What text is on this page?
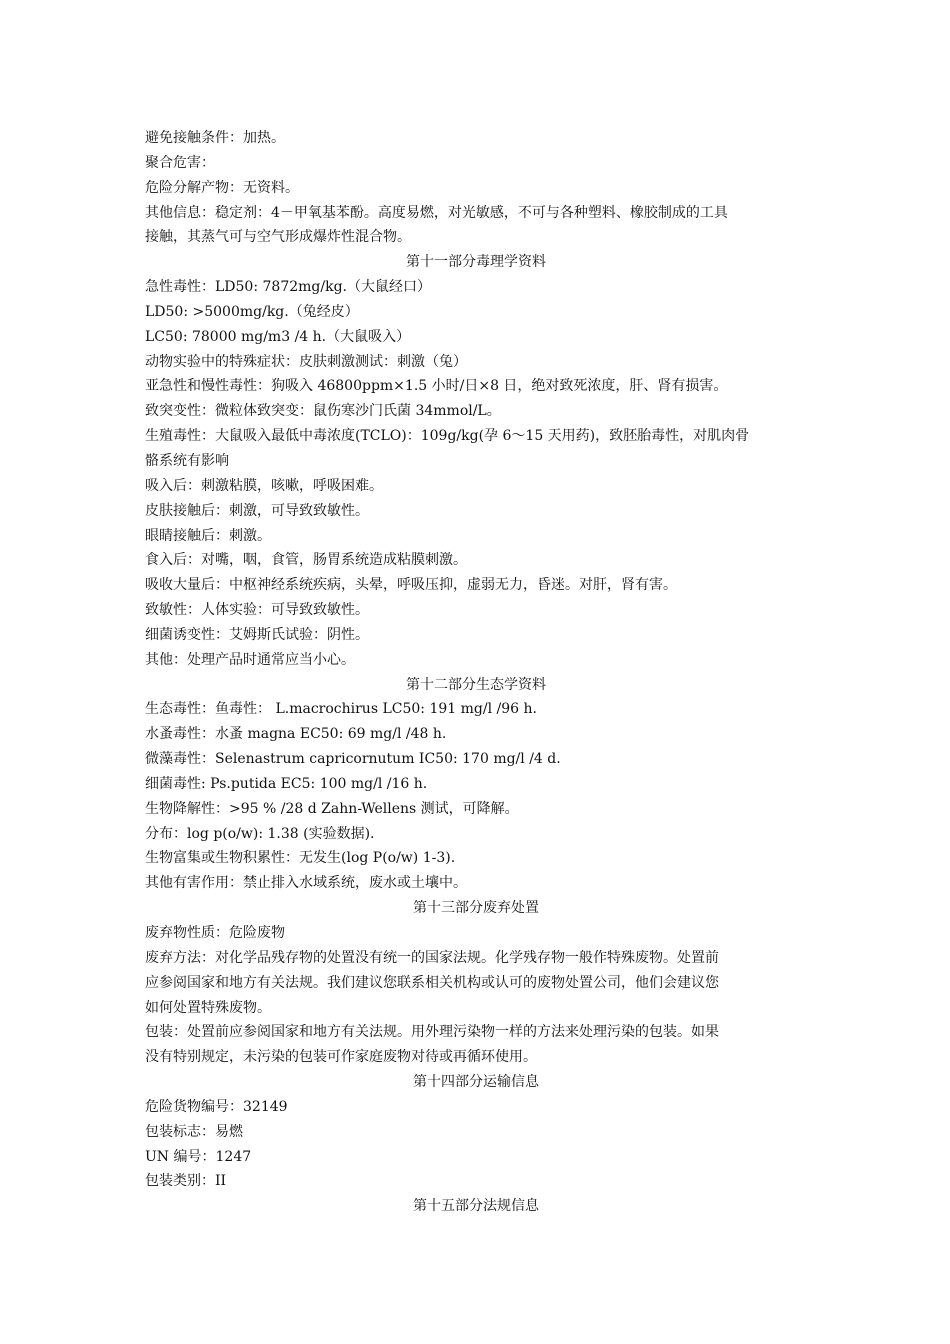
避免接触条件：加热。

聚合危害：

危险分解产物：无资料。

其他信息：稳定剂：4－甲氧基苯酚。高度易燃，对光敏感，不可与各种塑料、橡胶制成的工具

接触，其蒸气可与空气形成爆炸性混合物。

第十一部分毒理学资料

急性毒性：LD50: 7872mg/kg.（大鼠经口）

LD50: >5000mg/kg.（兔经皮）

LC50: 78000 mg/m3 /4 h.（大鼠吸入）

动物实验中的特殊症状：皮肤刺激测试：刺激（兔）

亚急性和慢性毒性：狗吸入 46800ppm×1.5 小时/日×8 日，绝对致死浓度，肝、肾有损害。

致突变性：微粒体致突变：鼠伤寒沙门氏菌 34mmol/L。

生殖毒性：大鼠吸入最低中毒浓度(TCLO)：109g/kg(孕 6～15 天用药)，致胚胎毒性，对肌肉骨

骼系统有影响

吸入后：刺激粘膜，咳嗽，呼吸困难。

皮肤接触后：刺激，可导致致敏性。

眼睛接触后：刺激。

食入后：对嘴，咽，食管，肠胃系统造成粘膜刺激。

吸收大量后：中枢神经系统疾病，头晕，呼吸压抑，虚弱无力，昏迷。对肝，肾有害。

致敏性：人体实验：可导致致敏性。

细菌诱变性：艾姆斯氏试验：阴性。

其他：处理产品时通常应当小心。

第十二部分生态学资料

生态毒性：鱼毒性： L.macrochirus LC50: 191 mg/l /96 h.

水蚤毒性：水蚤 magna EC50: 69 mg/l /48 h.

微藻毒性：Selenastrum capricornutum IC50: 170 mg/l /4 d.

细菌毒性: Ps.putida EC5: 100 mg/l /16 h.

生物降解性：>95 % /28 d Zahn-Wellens 测试，可降解。

分布：log p(o/w): 1.38 (实验数据).

生物富集或生物积累性：无发生(log P(o/w) 1-3).

其他有害作用：禁止排入水域系统，废水或土壤中。

第十三部分废弃处置

废弃物性质：危险废物

废弃方法：对化学品残存物的处置没有统一的国家法规。化学残存物一般作特殊废物。处置前

应参阅国家和地方有关法规。我们建议您联系相关机构或认可的废物处置公司，他们会建议您

如何处置特殊废物。

包装：处置前应参阅国家和地方有关法规。用外理污染物一样的方法来处理污染的包装。如果

没有特别规定，未污染的包装可作家庭废物对待或再循环使用。

第十四部分运输信息

危险货物编号：32149

包装标志：易燃

UN 编号：1247

包装类别：II

第十五部分法规信息
